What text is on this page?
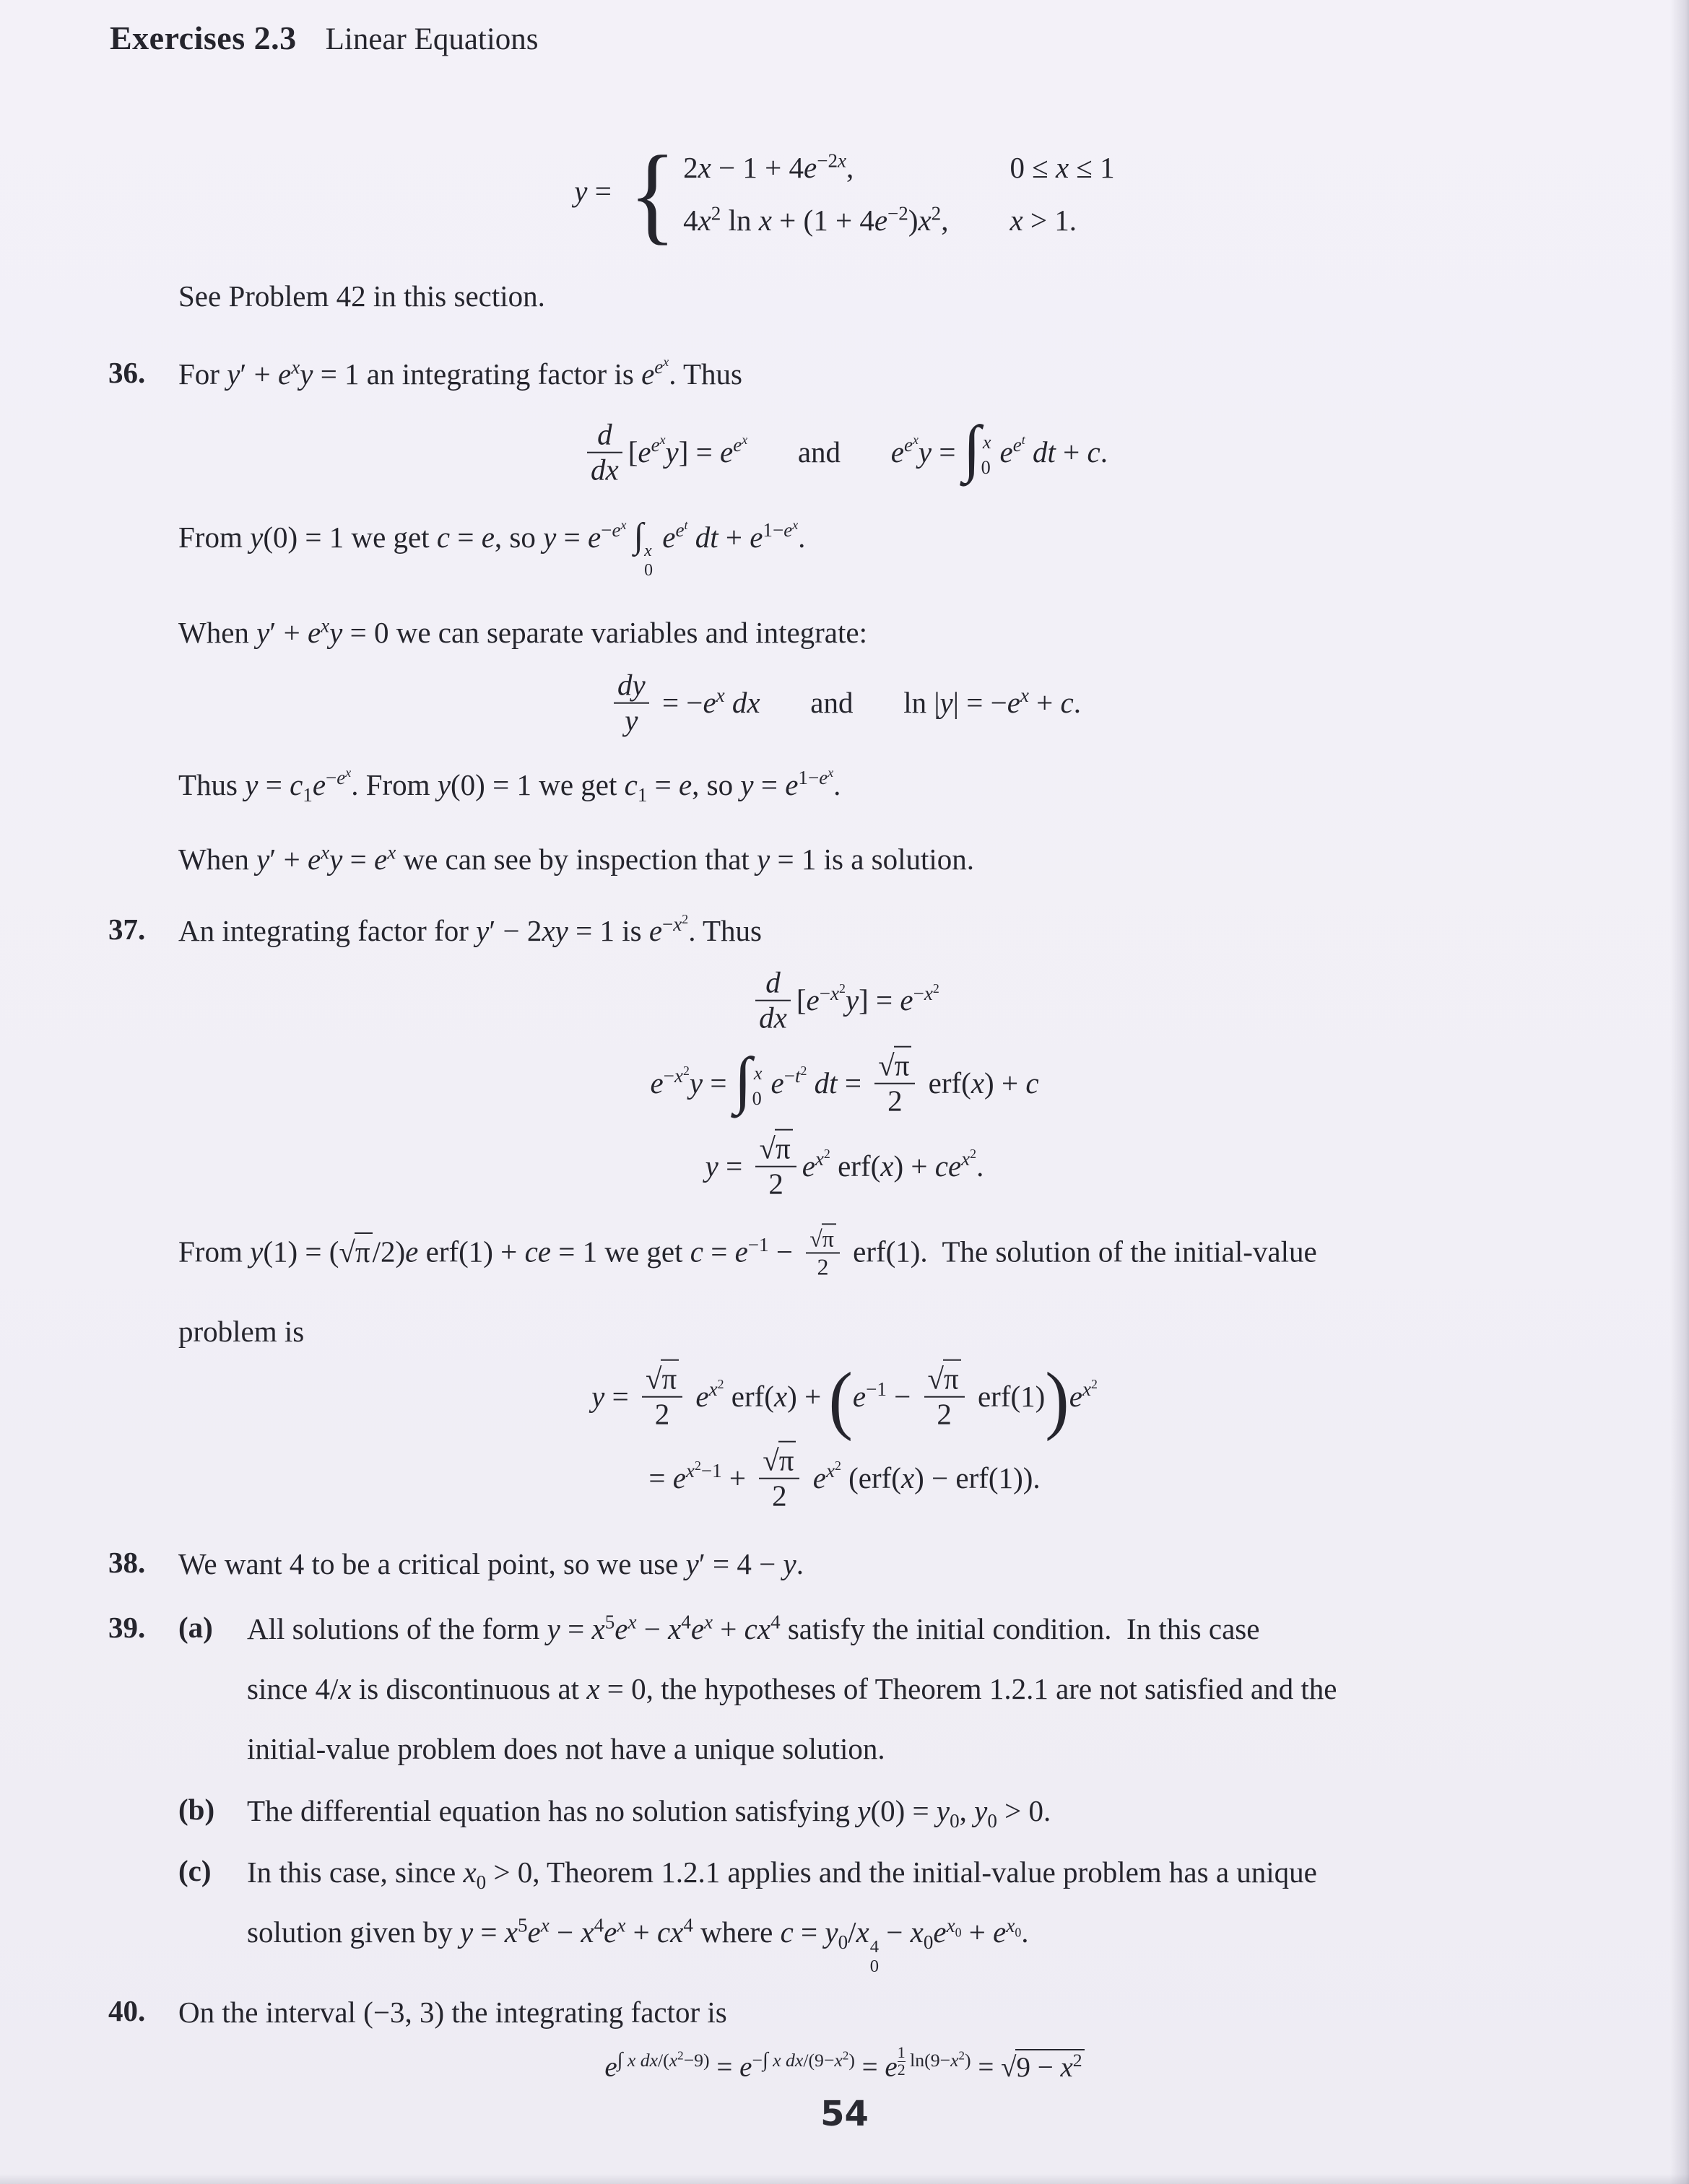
Exercises 2.3 Linear Equations
y = { $2x - 1 + 4e^{-2x}$,	0 ≤ x ≤ 1
$4x^2$ $\ln x + (1 + 4e^{-2})x^2$, x > 1.

See Problem 42 in this section.

36. For $y' + e^xy = 1$ an integrating factor is $e^{e^x}$. Thus

$\frac{d}{dx} [e^{e^x}y] = e^{e^x}$ and $e^{e^x}y$ = ∫ x
0 $e^{e^t}$ dt + c.

From y(0) = 1 we get c = e, so $y = e^{-e^x}$ ∫ x
0
$e^{e^t}$ dt + $e^{1-e^x}$.

When $y' + e^xy = 0$ we can separate variables and integrate:

$\frac{dy}{y} = -e^x$ dx and $\ln |y| = -e^x + c$.

Thus $y = c_1e^{-e^x}$. From y(0) = 1 we get $c_1 = e$, so $y = e^{1-e^x}$.

When $y' + e^xy = e^x$ we can see by inspection that y = 1 is a solution.

37. An integrating factor for y′ − 2xy = 1 is $e^{-x^2}$. Thus

$\frac{d}{dx} [e^{-x^2}y] = e^{-x^2}$
$e^{-x^2}y$ = ∫ x
0 $e^{-t^2}$ dt = $\frac{√\pi}{2} erf(x) + c$
$y = \frac{√\pi}{2} e^{x^2}$ $erf(x) + ce^{x^2}$.

From y(1) = (√π/2)e erf(1) + ce = 1 we get $c = e^{-1} - \frac{√\pi}{2} erf(1)$.  The solution of the initial-value

problem is

$y = \frac{√\pi}{2} e^{x^2}$ $erf(x) + (e^{-1} - \frac{√\pi}{2} erf(1))e^{x^2}$
= $e^{x^2-1} + \frac{√\pi}{2} e^{x^2}$ (erf(x) − erf(1)).
38. We want 4 to be a critical point, so we use y′ = 4 − y.

39. (a) All solutions of the form $y = x^5e^x - x^4e^x + cx^4$ satisfy the initial condition.  In this case

since 4/x is discontinuous at x = 0, the hypotheses of Theorem 1.2.1 are not satisfied and the

initial-value problem does not have a unique solution.

(b) The differential equation has no solution satisfying $y(0) = y_0$, $y_0 > 0$.

(c) In this case, since $x_0 > 0$, Theorem 1.2.1 applies and the initial-value problem has a unique

solution given by $y = x^5e^x - x^4e^x + cx^4$ where $c = y_0/x$ 4
0
− $x_0e^{x_0} + e^{x_0}$.

40. On the interval (−3, 3) the integrating factor is

$e^{\int x dx/(x^2-9)} = e^{-\int x dx/(9-x^2)} = e$ $^{\frac{1}{2} ln(9-x^2)} = √9 - x^2$
54
